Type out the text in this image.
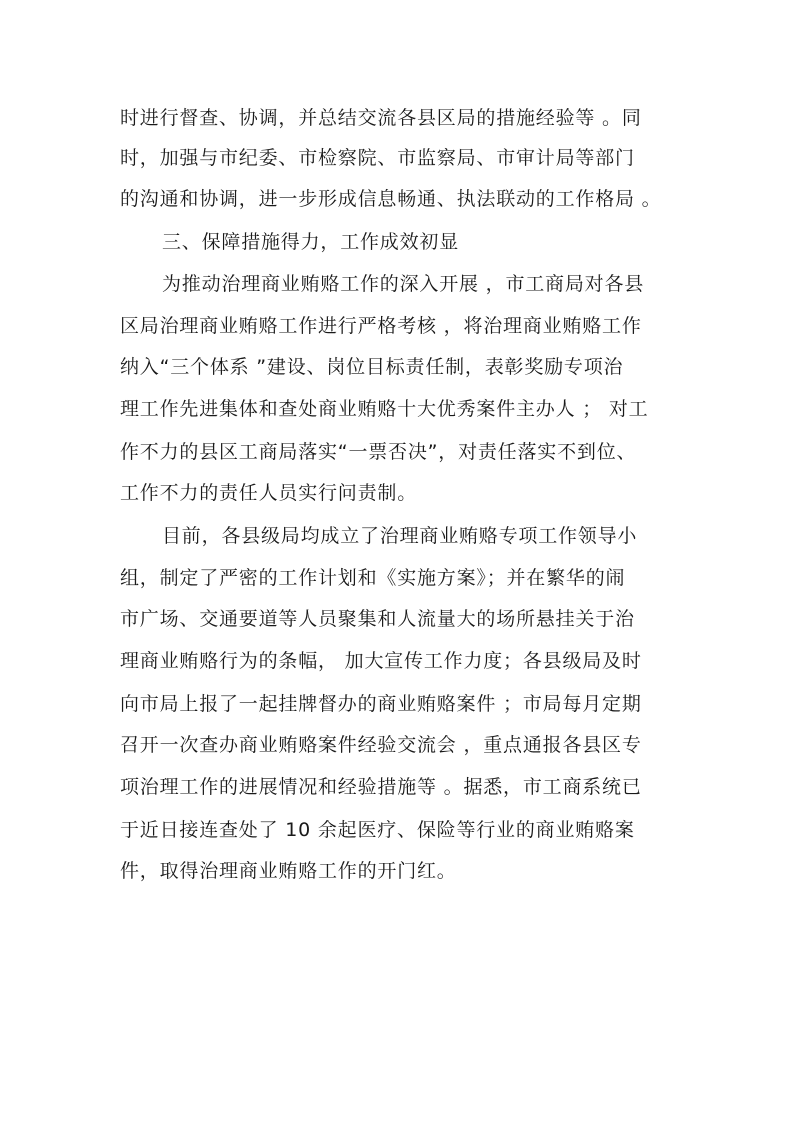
时进行督查、协调，并总结交流各县区局的措施经验等 。同
时，加强与市纪委、市检察院、市监察局、市审计局等部门
的沟通和协调，进一步形成信息畅通、执法联动的工作格局 。
三、保障措施得力，工作成效初显
为推动治理商业贿赂工作的深入开展 ，市工商局对各县
区局治理商业贿赂工作进行严格考核 ，将治理商业贿赂工作
纳入“三个体系 ”建设、岗位目标责任制，表彰奖励专项治
理工作先进集体和查处商业贿赂十大优秀案件主办人 ； 对工
作不力的县区工商局落实“一票否决”，对责任落实不到位、
工作不力的责任人员实行问责制。
目前，各县级局均成立了治理商业贿赂专项工作领导小
组，制定了严密的工作计划和《实施方案》；并在繁华的闹
市广场、交通要道等人员聚集和人流量大的场所悬挂关于治
理商业贿赂行为的条幅， 加大宣传工作力度；各县级局及时
向市局上报了一起挂牌督办的商业贿赂案件 ；市局每月定期
召开一次查办商业贿赂案件经验交流会 ，重点通报各县区专
项治理工作的进展情况和经验措施等 。据悉，市工商系统已
于近日接连查处了 10 余起医疗、保险等行业的商业贿赂案
件，取得治理商业贿赂工作的开门红。
